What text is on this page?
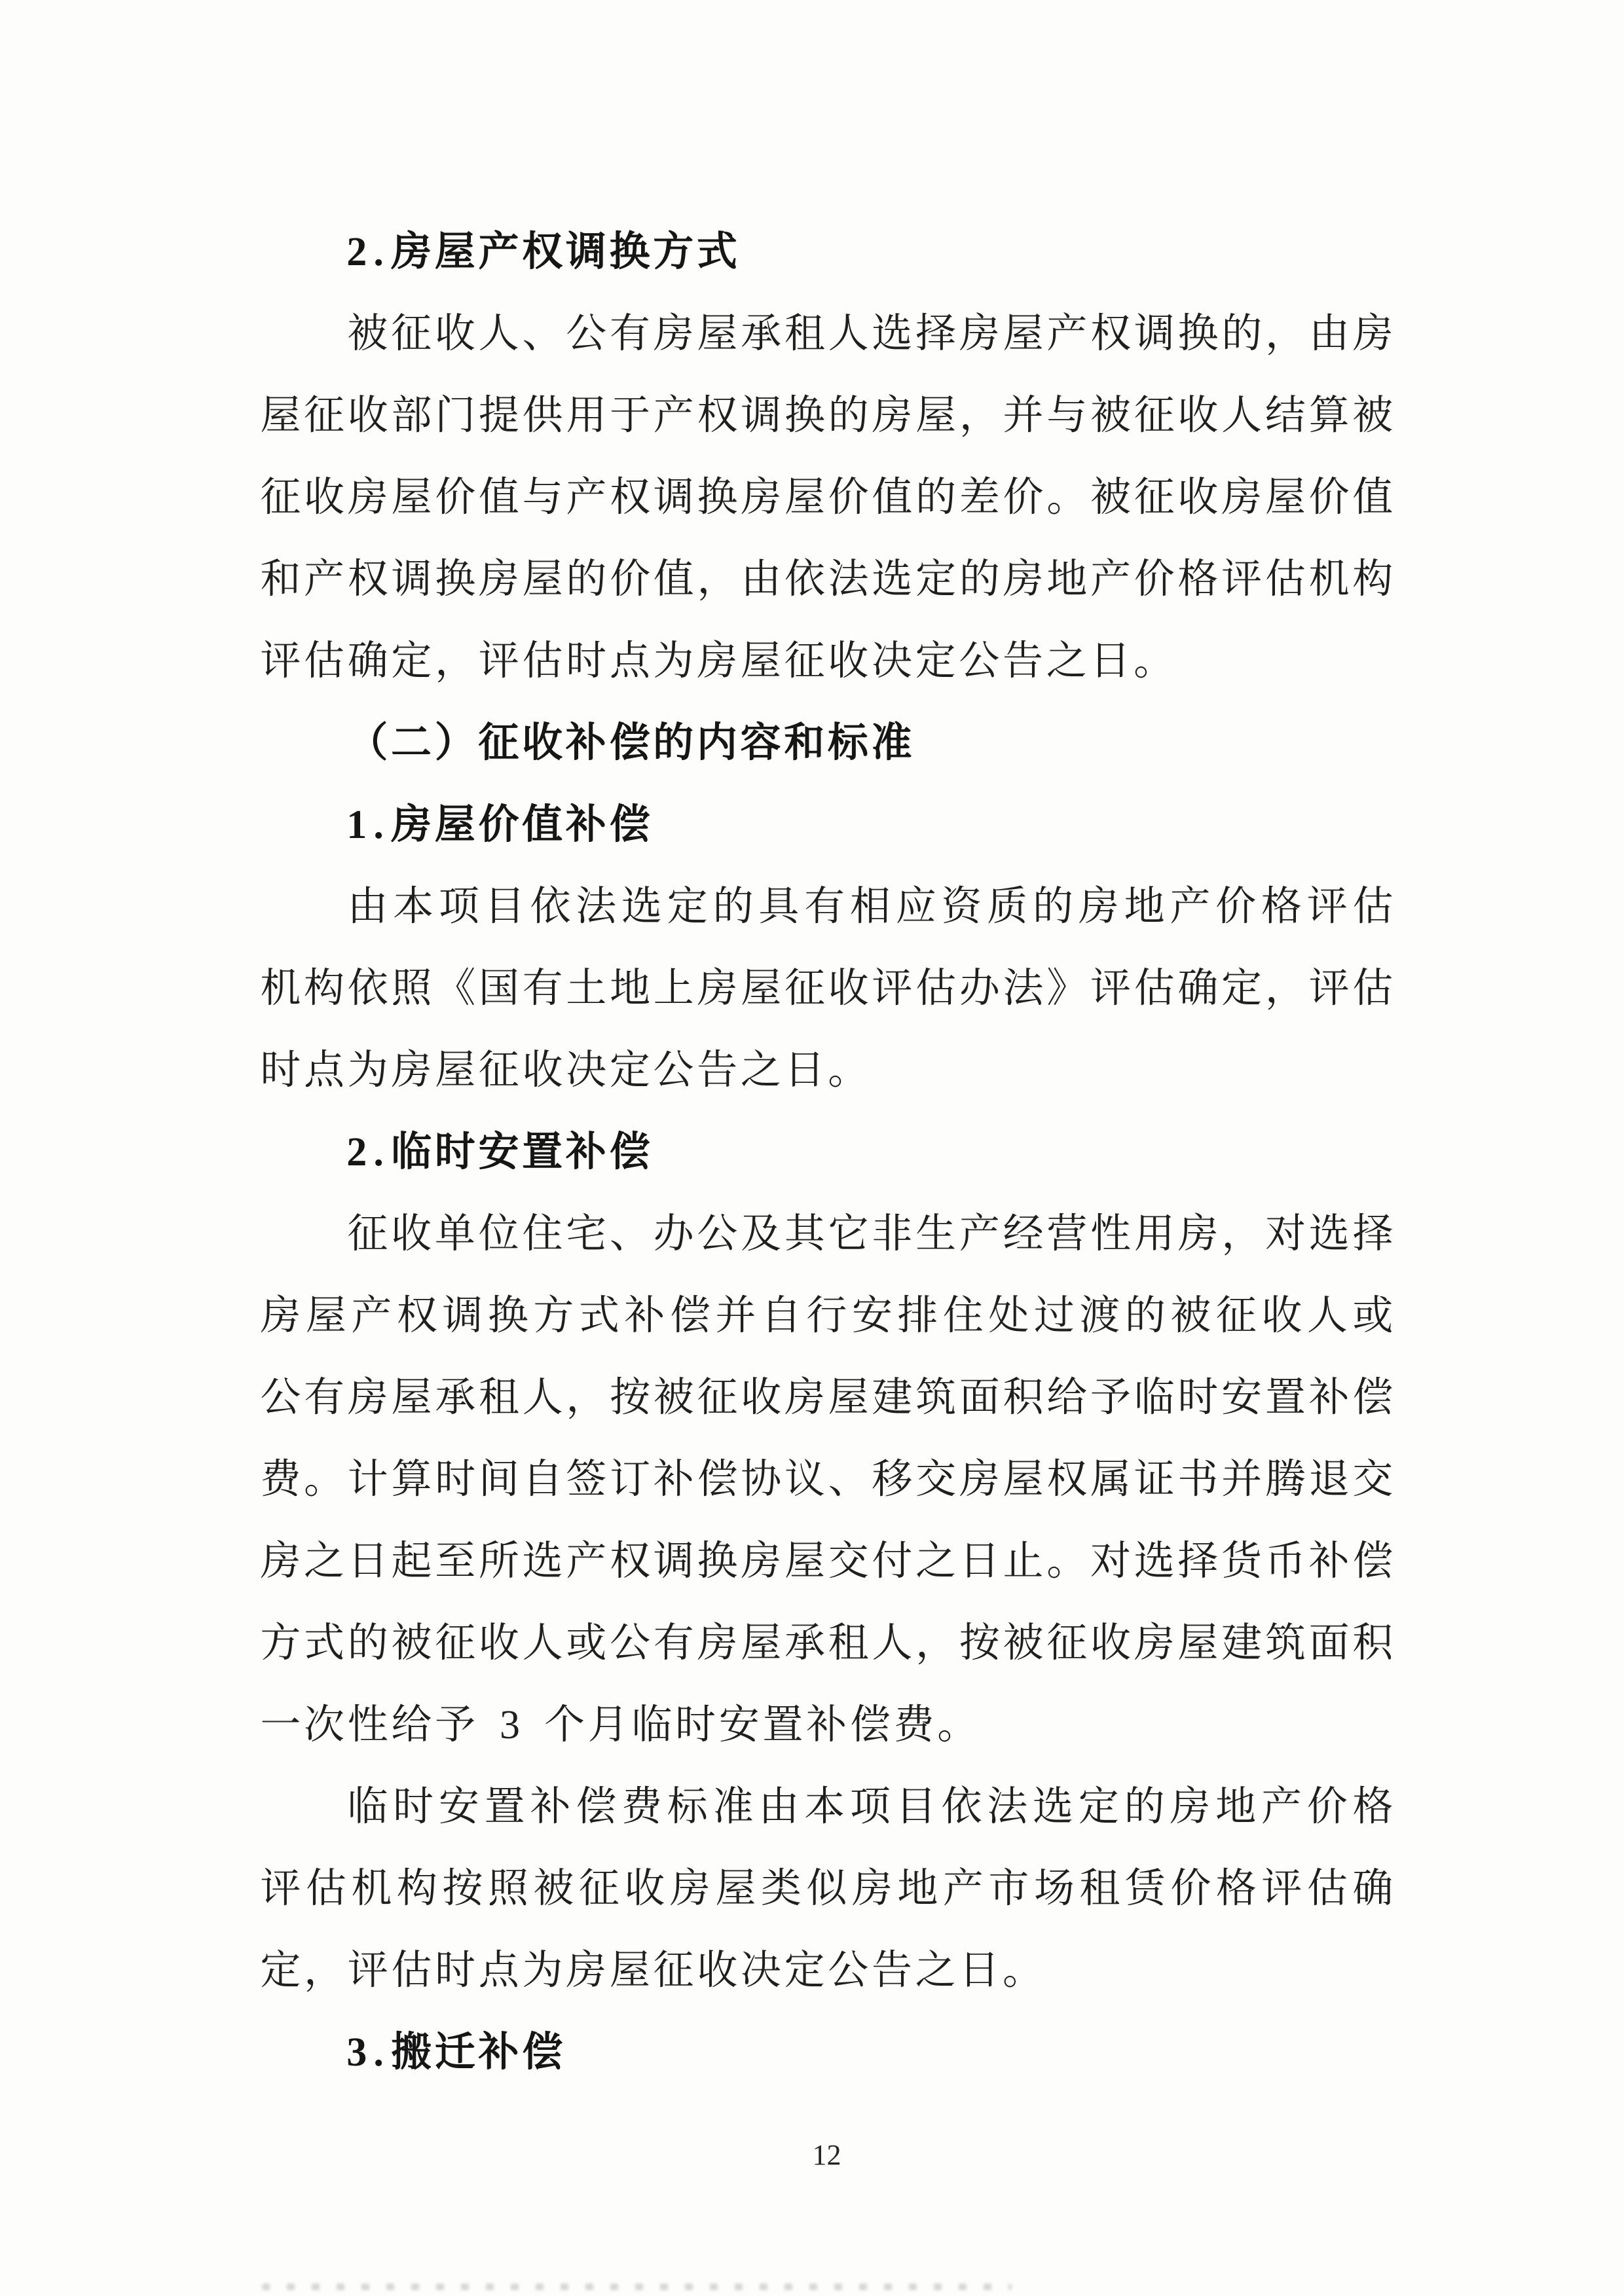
2 . 房 屋 产 权 调 换 方 式
被 征 收 人 、 公 有 房 屋 承 租 人 选 择 房 屋 产 权 调 换 的 ， 由 房
屋 征 收 部 门 提 供 用 于 产 权 调 换 的 房 屋 ， 并 与 被 征 收 人 结 算 被
征 收 房 屋 价 值 与 产 权 调 换 房 屋 价 值 的 差 价 。 被 征 收 房 屋 价 值
和 产 权 调 换 房 屋 的 价 值 ， 由 依 法 选 定 的 房 地 产 价 格 评 估 机 构
评 估 确 定 ， 评 估 时 点 为 房 屋 征 收 决 定 公 告 之 日 。
（ 二 ） 征 收 补 偿 的 内 容 和 标 准
1 . 房 屋 价 值 补 偿
由 本 项 目 依 法 选 定 的 具 有 相 应 资 质 的 房 地 产 价 格 评 估
机 构 依 照 《 国 有 土 地 上 房 屋 征 收 评 估 办 法 》 评 估 确 定 ， 评 估
时 点 为 房 屋 征 收 决 定 公 告 之 日 。
2 . 临 时 安 置 补 偿
征 收 单 位 住 宅 、 办 公 及 其 它 非 生 产 经 营 性 用 房 ， 对 选 择
房 屋 产 权 调 换 方 式 补 偿 并 自 行 安 排 住 处 过 渡 的 被 征 收 人 或
公 有 房 屋 承 租 人 ， 按 被 征 收 房 屋 建 筑 面 积 给 予 临 时 安 置 补 偿
费 。 计 算 时 间 自 签 订 补 偿 协 议 、 移 交 房 屋 权 属 证 书 并 腾 退 交
房 之 日 起 至 所 选 产 权 调 换 房 屋 交 付 之 日 止 。 对 选 择 货 币 补 偿
方 式 的 被 征 收 人 或 公 有 房 屋 承 租 人 ， 按 被 征 收 房 屋 建 筑 面 积
一 次 性 给 予
3
个 月 临 时 安 置 补 偿 费 。
临 时 安 置 补 偿 费 标 准 由 本 项 目 依 法 选 定 的 房 地 产 价 格
评 估 机 构 按 照 被 征 收 房 屋 类 似 房 地 产 市 场 租 赁 价 格 评 估 确
定 ， 评 估 时 点 为 房 屋 征 收 决 定 公 告 之 日 。
3 . 搬 迁 补 偿
12
